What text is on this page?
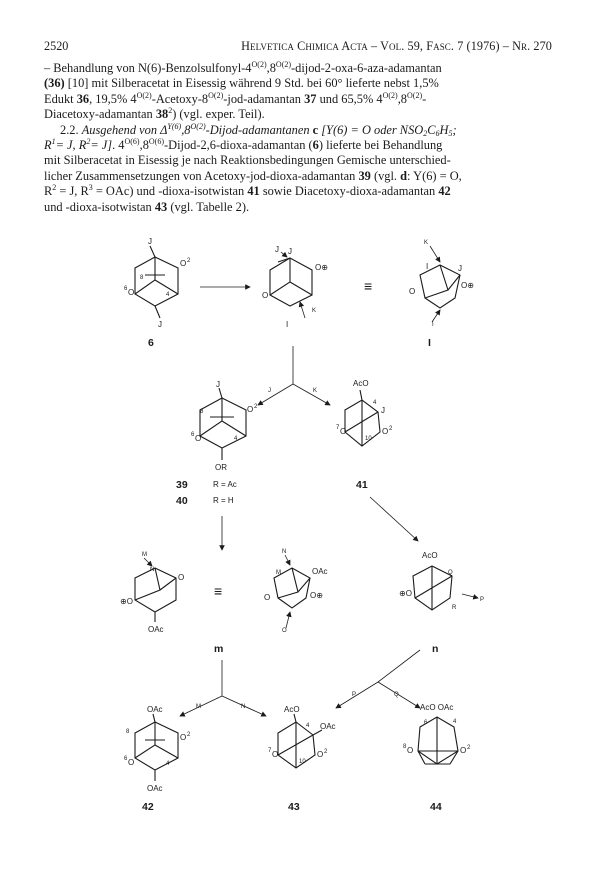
2520	Helvetica Chimica Acta – Vol. 59, Fasc. 7 (1976) – Nr. 270
– Behandlung von $N(6)-Benzolsulfonyl-4^{O(2)},8^{O(2)}-dijod-2-oxa-6-aza$-adamantan
(36) [10] mit Silberacetat in Eisessig während 9 Std. bei 60° lieferte nebst 1,5%
Edukt 36, 19,5% $4^{O(2)}-Acetoxy-8^{O(2)}-jod$-adamantan 37 und 65,5% $4^{O(2)},8^{O(2)}-$
Diacetoxy-adamantan $38^2$) (vgl. exper. Teil).
2.2. Ausgehend von $\Delta^{Y(6)},8^{O(2)}-Dijod$-adamantanen c [Y(6) = O oder $NSO_2C_6H_5$;
$R^1= J$, $R^2= J$]. $4^{O(6)},8^{O(6)}-Dijod-2,6-dioxa$-adamantan (6) lieferte bei Behandlung
mit Silberacetat in Eisessig je nach Reaktionsbedingungen Gemische unterschied-
licher Zusammensetzungen von Acetoxy-jod-dioxa-adamantan 39 (vgl. d: Y(6) = O,
$R^2 = J$, $R^3 = OAc$) und -dioxa-isotwistan 41 sowie Diacetoxy-dioxa-adamantan 42
und -dioxa-isotwistan 43 (vgl. Tabelle 2).
J
O 2
6 O	4
8
J
6
J J
O⊕
O
K
I
≡
K
I	J
O
O⊕
I
I
J	K
J
8	O 2
6 O	4
OR
39	R = Ac
40	R = H
AcO
4
J
7 O
10
O 2
41
M
N
O
⊕O
OAc
≡
N
M	OAc
O	O⊕
O
m
AcO
Q
⊕O
P
R
n
M	N
P	Q
OAc
8
O 2
6 O	4
OAc
42
AcO
4 OAc
7 O
10
O 2
43
AcO OAc
6	4
8 O	O 2
44
